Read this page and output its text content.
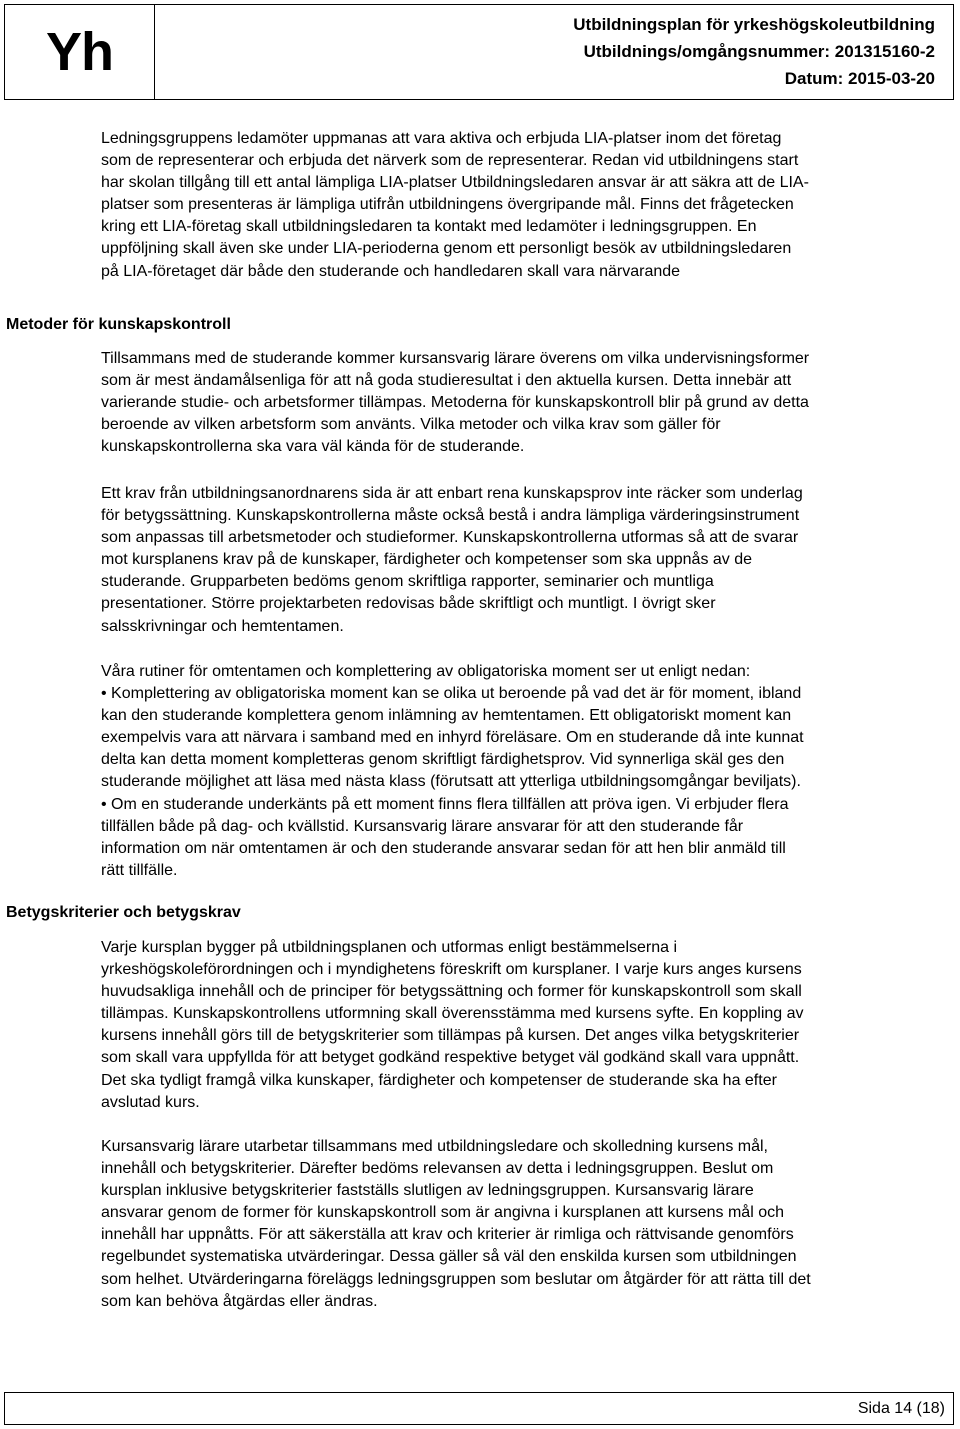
Yh	Utbildningsplan för yrkeshögskoleutbildning
Utbildnings/omgångsnummer: 201315160-2
Datum: 2015-03-20
Ledningsgruppens ledamöter uppmanas att vara aktiva och erbjuda LIA-platser inom det företag
som de representerar och erbjuda det närverk som de representerar. Redan vid utbildningens start
har skolan tillgång till ett antal lämpliga LIA-platser Utbildningsledaren ansvar är att säkra att de LIA-
platser som presenteras är lämpliga utifrån utbildningens övergripande mål. Finns det frågetecken
kring ett LIA-företag skall utbildningsledaren ta kontakt med ledamöter i ledningsgruppen. En
uppföljning skall även ske under LIA-perioderna genom ett personligt besök av utbildningsledaren
på LIA-företaget där både den studerande och handledaren skall vara närvarande
Metoder för kunskapskontroll
Tillsammans med de studerande kommer kursansvarig lärare överens om vilka undervisningsformer
som är mest ändamålsenliga för att nå goda studieresultat i den aktuella kursen. Detta innebär att
varierande studie- och arbetsformer tillämpas. Metoderna för kunskapskontroll blir på grund av detta
beroende av vilken arbetsform som använts. Vilka metoder och vilka krav som gäller för
kunskapskontrollerna ska vara väl kända för de studerande.
Ett krav från utbildningsanordnarens sida är att enbart rena kunskapsprov inte räcker som underlag
för betygssättning. Kunskapskontrollerna måste också bestå i andra lämpliga värderingsinstrument
som anpassas till arbetsmetoder och studieformer. Kunskapskontrollerna utformas så att de svarar
mot kursplanens krav på de kunskaper, färdigheter och kompetenser som ska uppnås av de
studerande. Grupparbeten bedöms genom skriftliga rapporter, seminarier och muntliga
presentationer. Större projektarbeten redovisas både skriftligt och muntligt. I övrigt sker
salsskrivningar och hemtentamen.
Våra rutiner för omtentamen och komplettering av obligatoriska moment ser ut enligt nedan:
• Komplettering av obligatoriska moment kan se olika ut beroende på vad det är för moment, ibland
kan den studerande komplettera genom inlämning av hemtentamen. Ett obligatoriskt moment kan
exempelvis vara att närvara i samband med en inhyrd föreläsare. Om en studerande då inte kunnat
delta kan detta moment kompletteras genom skriftligt färdighetsprov. Vid synnerliga skäl ges den
studerande möjlighet att läsa med nästa klass (förutsatt att ytterliga utbildningsomgångar beviljats).
• Om en studerande underkänts på ett moment finns flera tillfällen att pröva igen. Vi erbjuder flera
tillfällen både på dag- och kvällstid. Kursansvarig lärare ansvarar för att den studerande får
information om när omtentamen är och den studerande ansvarar sedan för att hen blir anmäld till
rätt tillfälle.
Betygskriterier och betygskrav
Varje kursplan bygger på utbildningsplanen och utformas enligt bestämmelserna i
yrkeshögskoleförordningen och i myndighetens föreskrift om kursplaner. I varje kurs anges kursens
huvudsakliga innehåll och de principer för betygssättning och former för kunskapskontroll som skall
tillämpas. Kunskapskontrollens utformning skall överensstämma med kursens syfte. En koppling av
kursens innehåll görs till de betygskriterier som tillämpas på kursen. Det anges vilka betygskriterier
som skall vara uppfyllda för att betyget godkänd respektive betyget väl godkänd skall vara uppnått.
Det ska tydligt framgå vilka kunskaper, färdigheter och kompetenser de studerande ska ha efter
avslutad kurs.
Kursansvarig lärare utarbetar tillsammans med utbildningsledare och skolledning kursens mål,
innehåll och betygskriterier. Därefter bedöms relevansen av detta i ledningsgruppen. Beslut om
kursplan inklusive betygskriterier fastställs slutligen av ledningsgruppen. Kursansvarig lärare
ansvarar genom de former för kunskapskontroll som är angivna i kursplanen att kursens mål och
innehåll har uppnåtts. För att säkerställa att krav och kriterier är rimliga och rättvisande genomförs
regelbundet systematiska utvärderingar. Dessa gäller så väl den enskilda kursen som utbildningen
som helhet. Utvärderingarna föreläggs ledningsgruppen som beslutar om åtgärder för att rätta till det
som kan behöva åtgärdas eller ändras.
Sida 14 (18)
